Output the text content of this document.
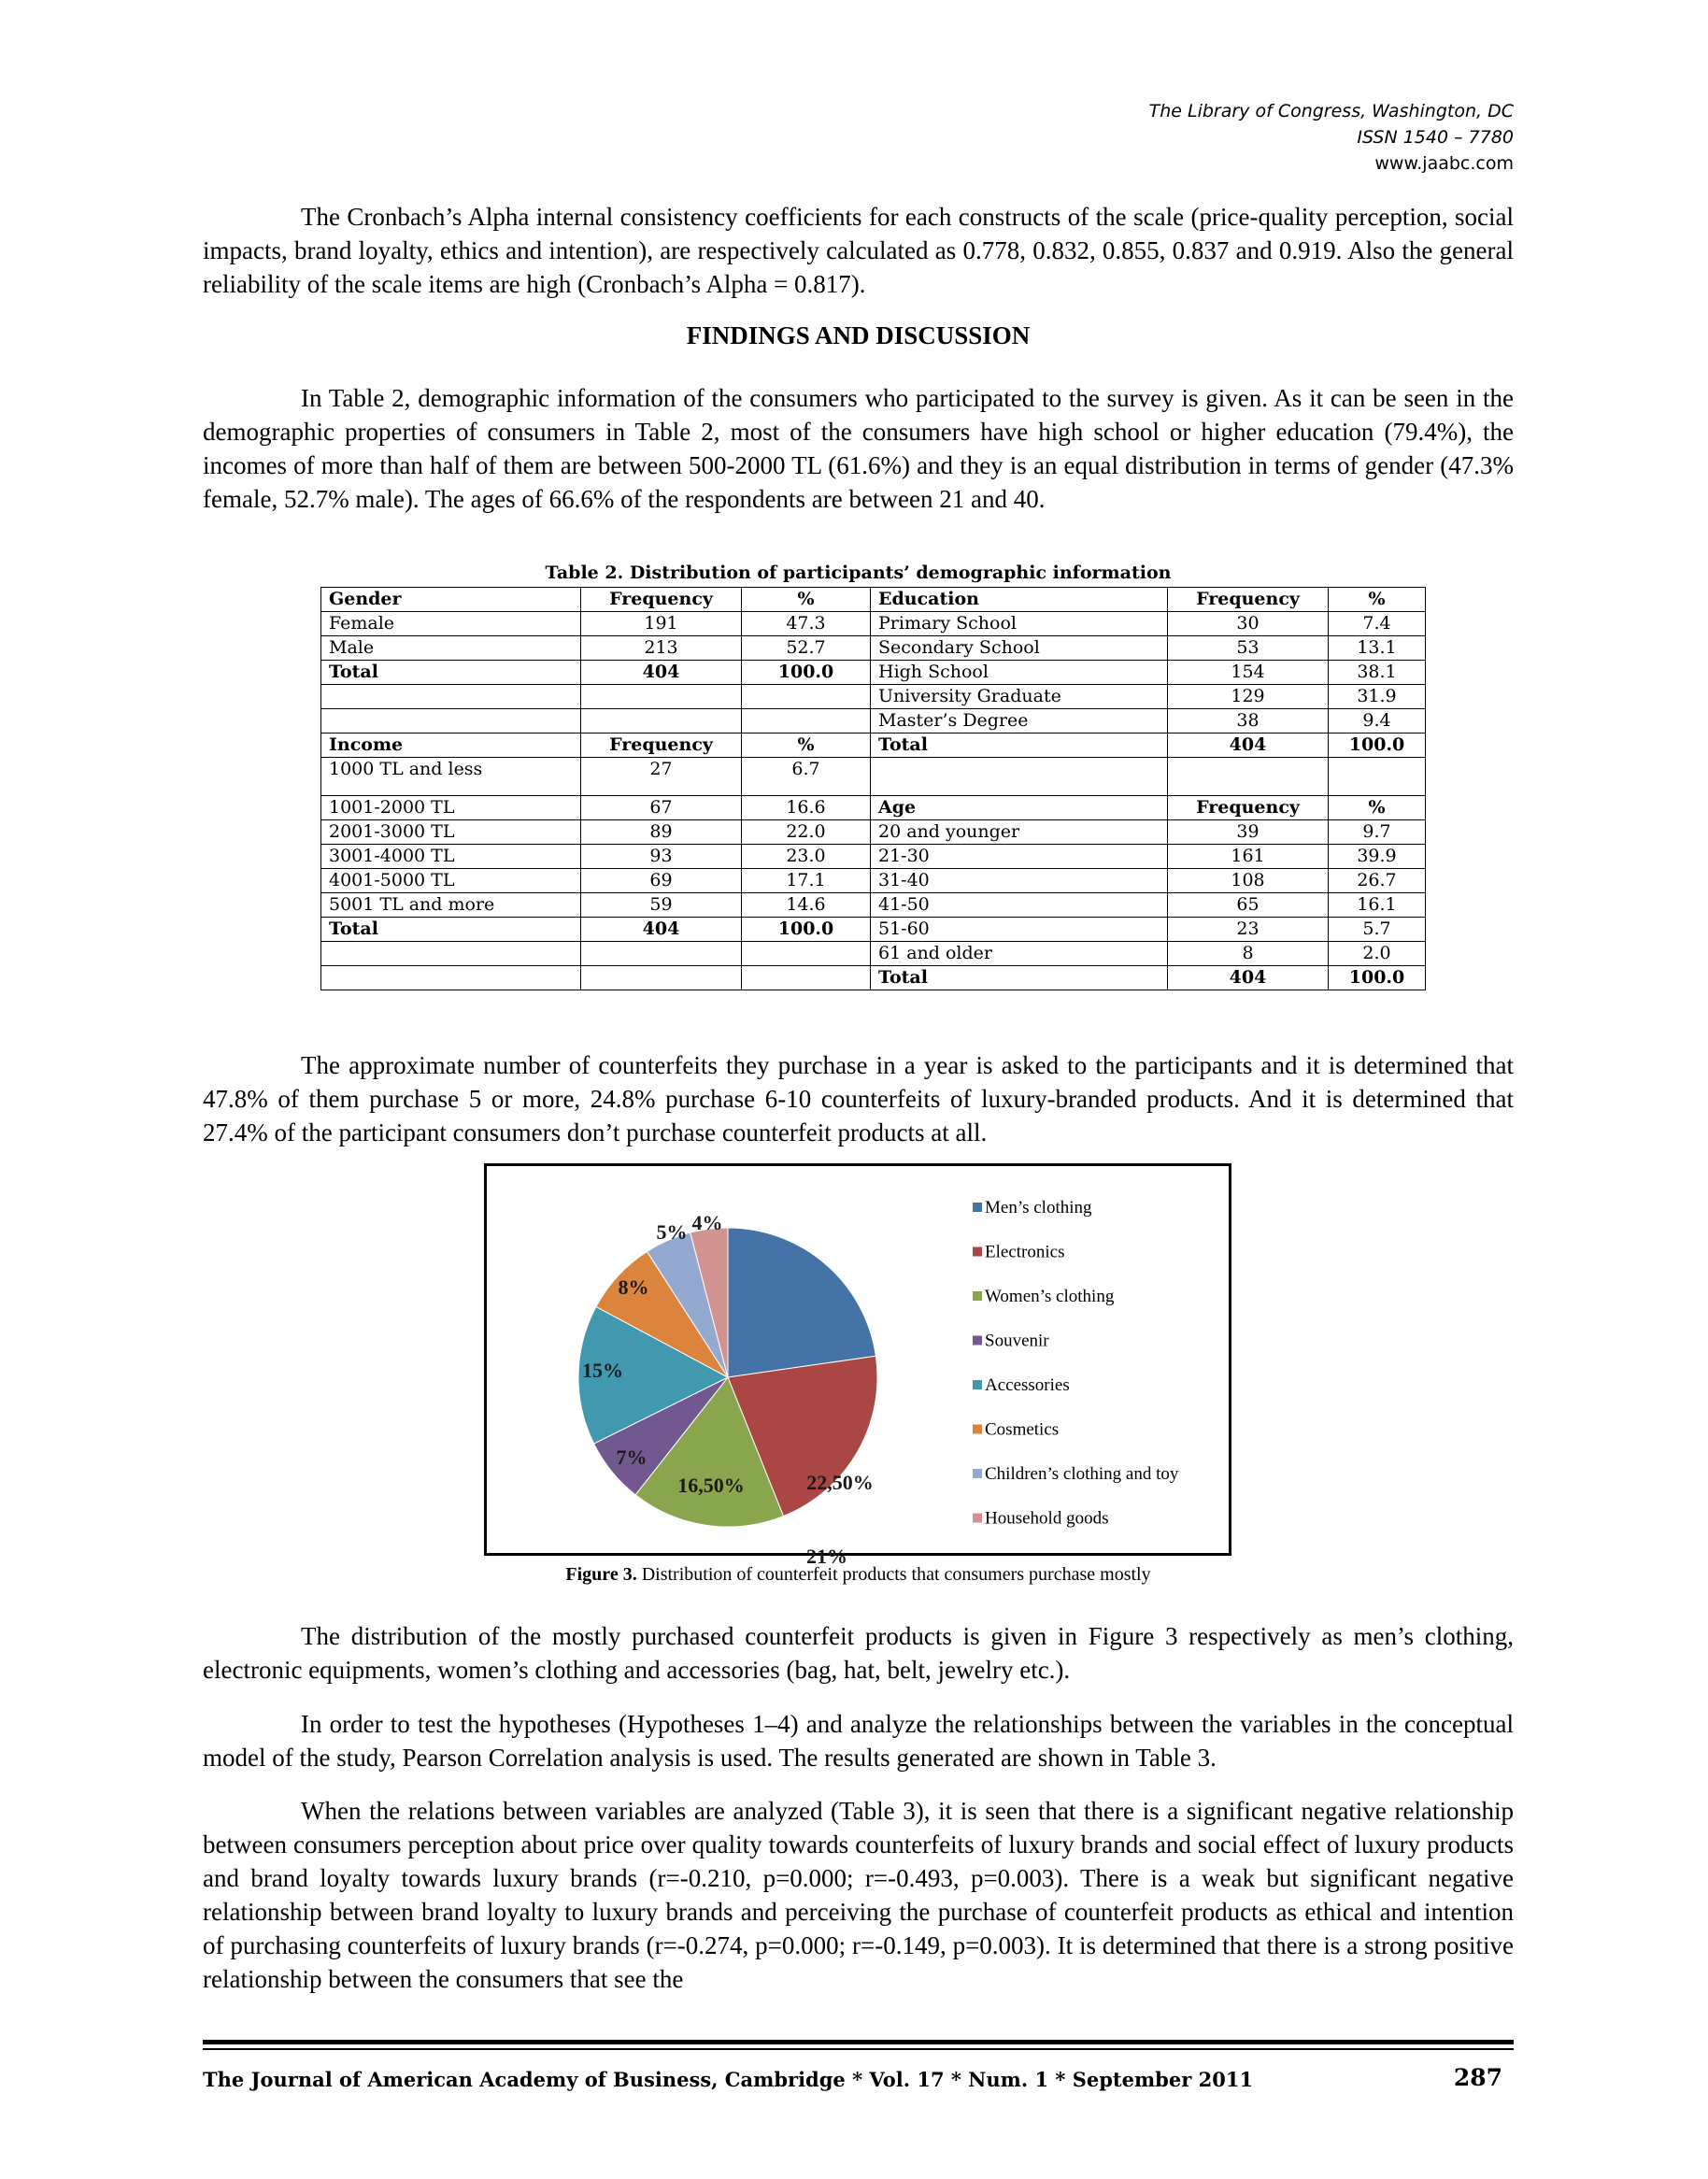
The Library of Congress, Washington, DC
ISSN 1540 – 7780
www.jaabc.com

The Cronbach’s Alpha internal consistency coefficients for each constructs of the scale (price-quality perception, social impacts, brand loyalty, ethics and intention), are respectively calculated as 0.778, 0.832, 0.855, 0.837 and 0.919. Also the general reliability of the scale items are high (Cronbach’s Alpha = 0.817).

FINDINGS AND DISCUSSION

In Table 2, demographic information of the consumers who participated to the survey is given. As it can be seen in the demographic properties of consumers in Table 2, most of the consumers have high school or higher education (79.4%), the incomes of more than half of them are between 500-2000 TL (61.6%) and they is an equal distribution in terms of gender (47.3% female, 52.7% male). The ages of 66.6% of the respondents are between 21 and 40.

Table 2. Distribution of participants’ demographic information
Gender	Frequency	%	Education	Frequency	%
Female	191	47.3	Primary School	30	7.4
Male	213	52.7	Secondary School	53	13.1
Total	404	100.0	High School	154	38.1
			University Graduate	129	31.9
			Master’s Degree	38	9.4
Income	Frequency	%	Total	404	100.0
1000 TL and less	27	6.7			
1001-2000 TL	67	16.6	Age	Frequency	%
2001-3000 TL	89	22.0	20 and younger	39	9.7
3001-4000 TL	93	23.0	21-30	161	39.9
4001-5000 TL	69	17.1	31-40	108	26.7
5001 TL and more	59	14.6	41-50	65	16.1
Total	404	100.0	51-60	23	5.7
			61 and older	8	2.0
			Total	404	100.0

The approximate number of counterfeits they purchase in a year is asked to the participants and it is determined that 47.8% of them purchase 5 or more, 24.8% purchase 6-10 counterfeits of luxury-branded products. And it is determined that 27.4% of the participant consumers don’t purchase counterfeit products at all.

22,50%
21%
16,50%
7%
15%
8%
5% 4%
Men’s clothing
Electronics
Women’s clothing
Souvenir
Accessories
Cosmetics
Children’s clothing and toy
Household goods
Figure 3. Distribution of counterfeit products that consumers purchase mostly

The distribution of the mostly purchased counterfeit products is given in Figure 3 respectively as men’s clothing, electronic equipments, women’s clothing and accessories (bag, hat, belt, jewelry etc.).

In order to test the hypotheses (Hypotheses 1–4) and analyze the relationships between the variables in the conceptual model of the study, Pearson Correlation analysis is used. The results generated are shown in Table 3.

When the relations between variables are analyzed (Table 3), it is seen that there is a significant negative relationship between consumers perception about price over quality towards counterfeits of luxury brands and social effect of luxury products and brand loyalty towards luxury brands (r=-0.210, p=0.000; r=-0.493, p=0.003). There is a weak but significant negative relationship between brand loyalty to luxury brands and perceiving the purchase of counterfeit products as ethical and intention of purchasing counterfeits of luxury brands (r=-0.274, p=0.000; r=-0.149, p=0.003). It is determined that there is a strong positive relationship between the consumers that see the

The Journal of American Academy of Business, Cambridge * Vol. 17 * Num. 1 * September 2011	287
